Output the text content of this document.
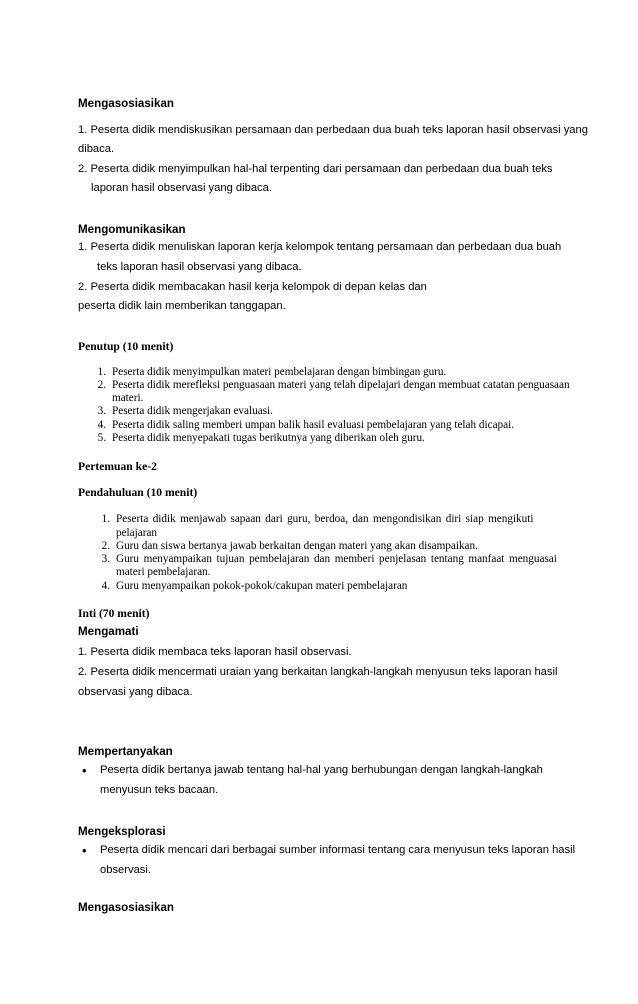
Mengasosiasikan
1. Peserta didik mendiskusikan persamaan dan perbedaan dua buah teks laporan hasil observasi yang
dibaca.
2. Peserta didik menyimpulkan hal-hal terpenting dari persamaan dan perbedaan dua buah teks
laporan hasil observasi yang dibaca.
Mengomunikasikan
1. Peserta didik menuliskan laporan kerja kelompok tentang persamaan dan perbedaan dua buah
teks laporan hasil observasi yang dibaca.
2. Peserta didik membacakan hasil kerja kelompok di depan kelas dan
peserta didik lain memberikan tanggapan.
Penutup (10 menit)
1. Peserta didik menyimpulkan materi pembelajaran dengan bimbingan guru.
2. Peserta didik merefleksi penguasaan materi yang telah dipelajari dengan membuat catatan penguasaan
materi.
3. Peserta didik mengerjakan evaluasi.
4. Peserta didik saling memberi umpan balik hasil evaluasi pembelajaran yang telah dicapai.
5. Peserta didik menyepakati tugas berikutnya yang diberikan oleh guru.
Pertemuan ke-2
Pendahuluan (10 menit)
1. Peserta didik menjawab sapaan dari guru, berdoa, dan mengondisikan diri siap mengikuti
pelajaran
2. Guru dan siswa bertanya jawab berkaitan dengan materi yang akan disampaikan.
3. Guru menyampaikan tujuan pembelajaran dan memberi penjelasan tentang manfaat menguasai
materi pembelajaran.
4. Guru menyampaikan pokok-pokok/cakupan materi pembelajaran
Inti (70 menit)
Mengamati
1. Peserta didik membaca teks laporan hasil observasi.
2. Peserta didik mencermati uraian yang berkaitan langkah-langkah menyusun teks laporan hasil
observasi yang dibaca.
Mempertanyakan
• Peserta didik bertanya jawab tentang hal-hal yang berhubungan dengan langkah-langkah
menyusun teks bacaan.
Mengeksplorasi
• Peserta didik mencari dari berbagai sumber informasi tentang cara menyusun teks laporan hasil
observasi.
Mengasosiasikan
